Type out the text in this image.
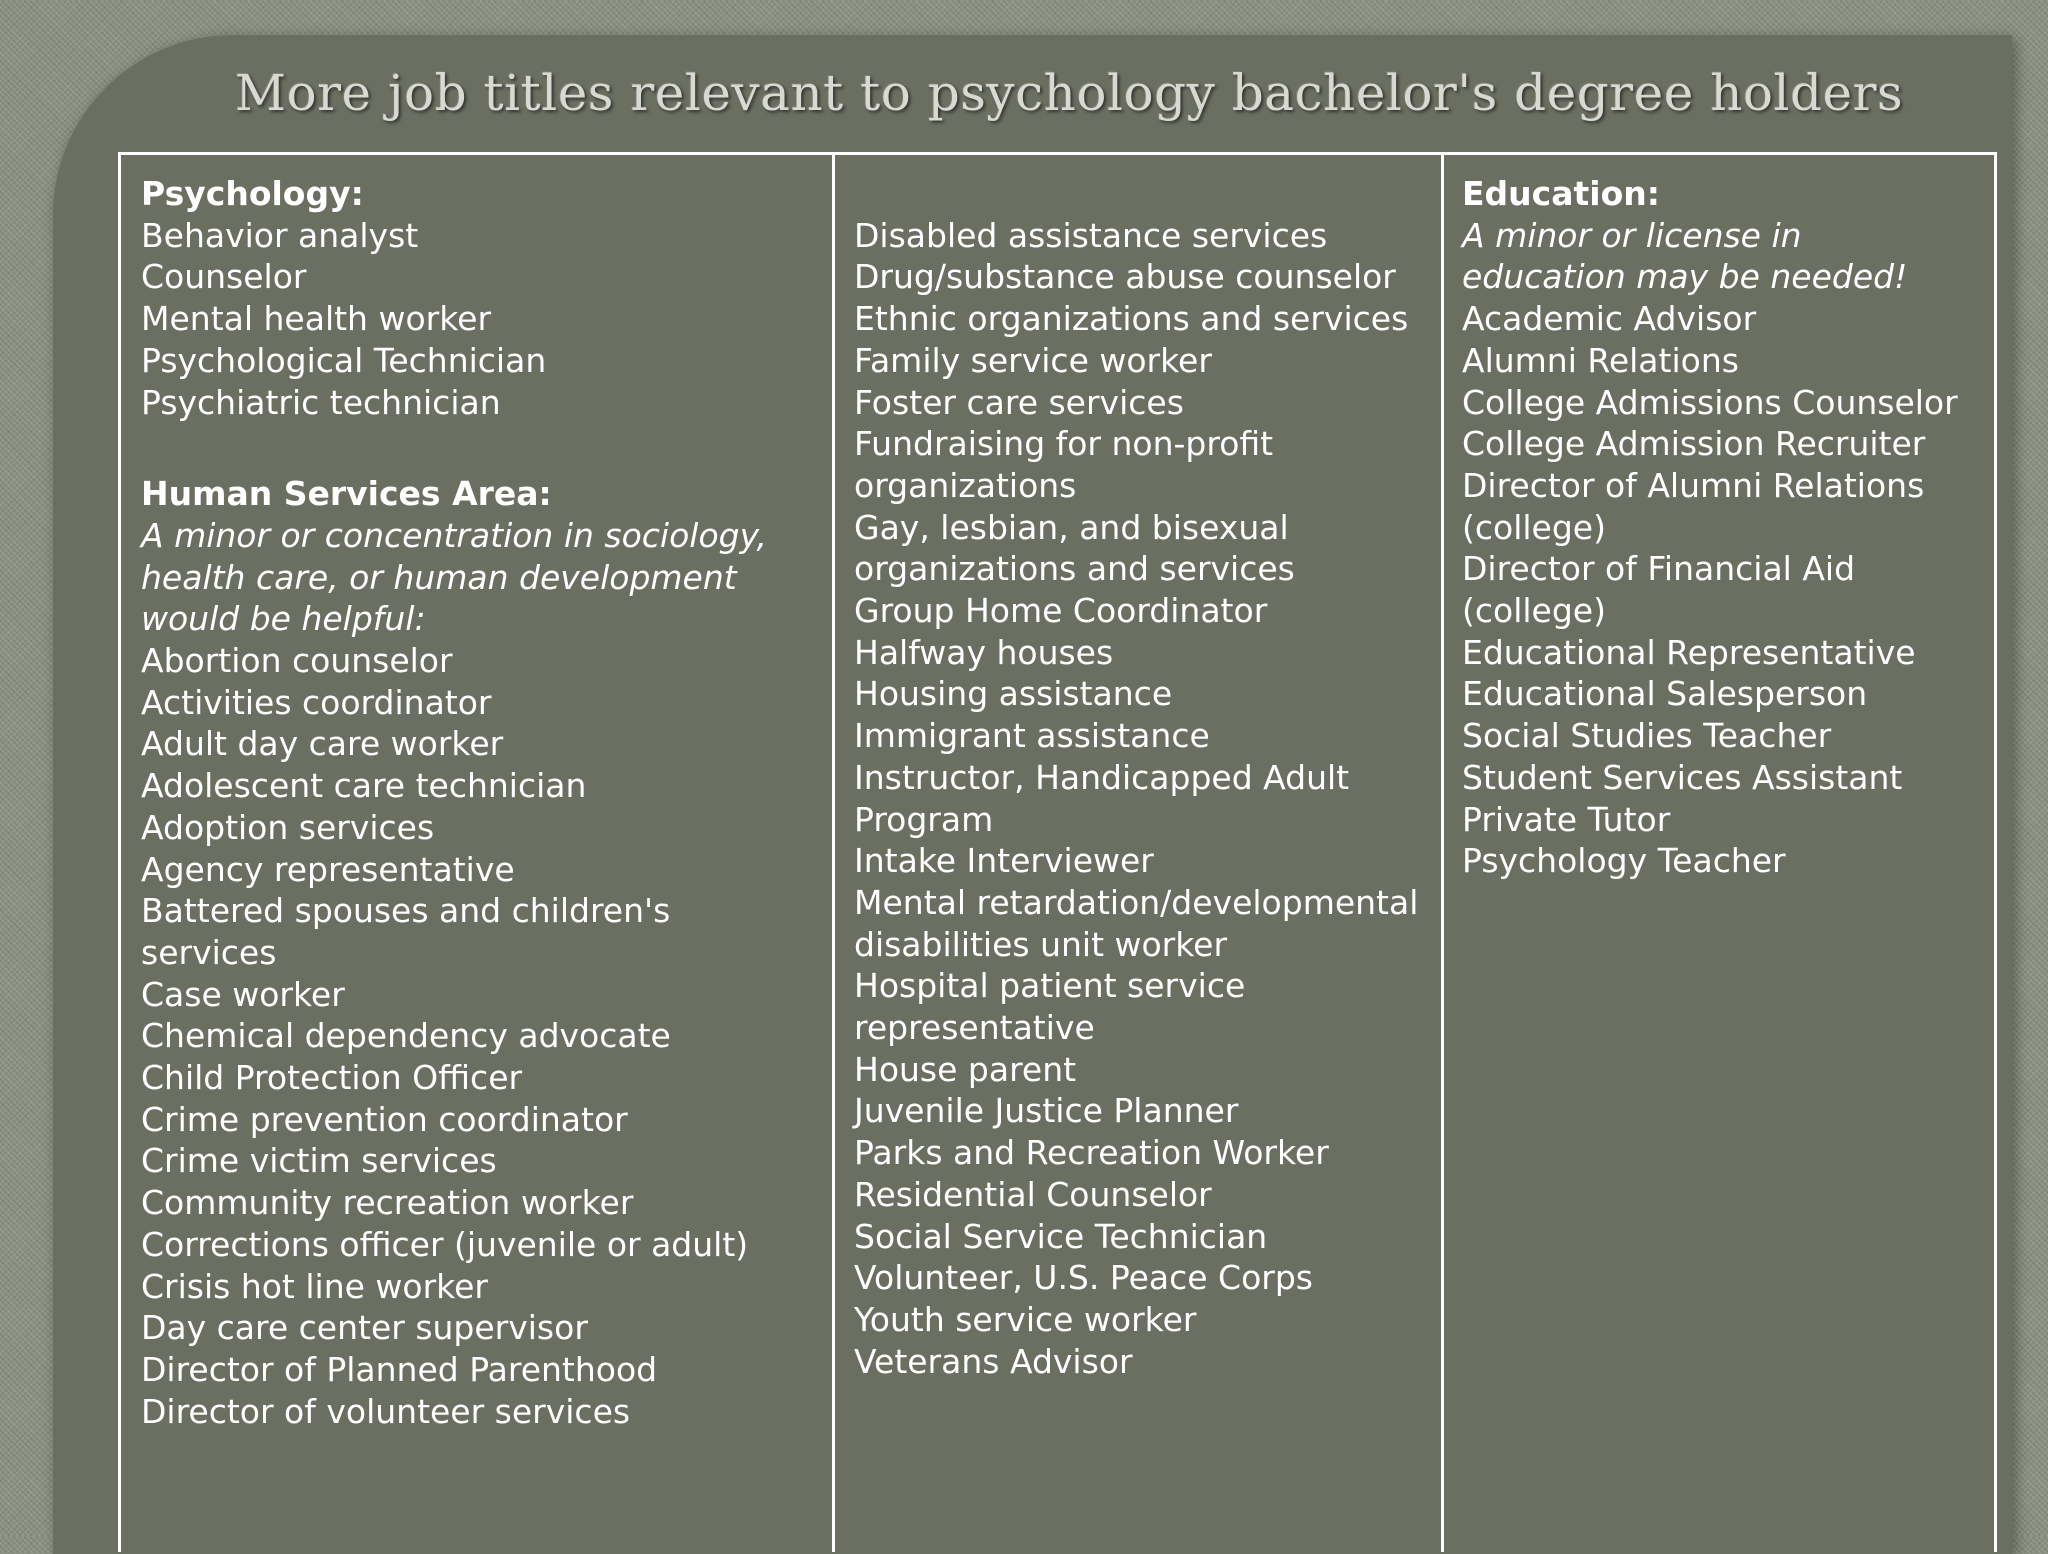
More job titles relevant to psychology bachelor's degree holders
Psychology:
Behavior analyst
Counselor
Mental health worker
Psychological Technician
Psychiatric technician
Human Services Area:
A minor or concentration in sociology, health care, or human development would be helpful:
Abortion counselor
Activities coordinator
Adult day care worker
Adolescent care technician
Adoption services
Agency representative
Battered spouses and children's services
Case worker
Chemical dependency advocate
Child Protection Officer
Crime prevention coordinator
Crime victim services
Community recreation worker
Corrections officer (juvenile or adult)
Crisis hot line worker
Day care center supervisor
Director of Planned Parenthood
Director of volunteer services
Disabled assistance services
Drug/substance abuse counselor
Ethnic organizations and services
Family service worker
Foster care services
Fundraising for non-profit organizations
Gay, lesbian, and bisexual organizations and services
Group Home Coordinator
Halfway houses
Housing assistance
Immigrant assistance
Instructor, Handicapped Adult Program
Intake Interviewer
Mental retardation/developmental disabilities unit worker
Hospital patient service representative
House parent
Juvenile Justice Planner
Parks and Recreation Worker
Residential Counselor
Social Service Technician
Volunteer, U.S. Peace Corps
Youth service worker
Veterans Advisor
Education:
A minor or license in education may be needed!
Academic Advisor
Alumni Relations
College Admissions Counselor
College Admission Recruiter
Director of Alumni Relations (college)
Director of Financial Aid (college)
Educational Representative
Educational Salesperson
Social Studies Teacher
Student Services Assistant
Private Tutor
Psychology Teacher
